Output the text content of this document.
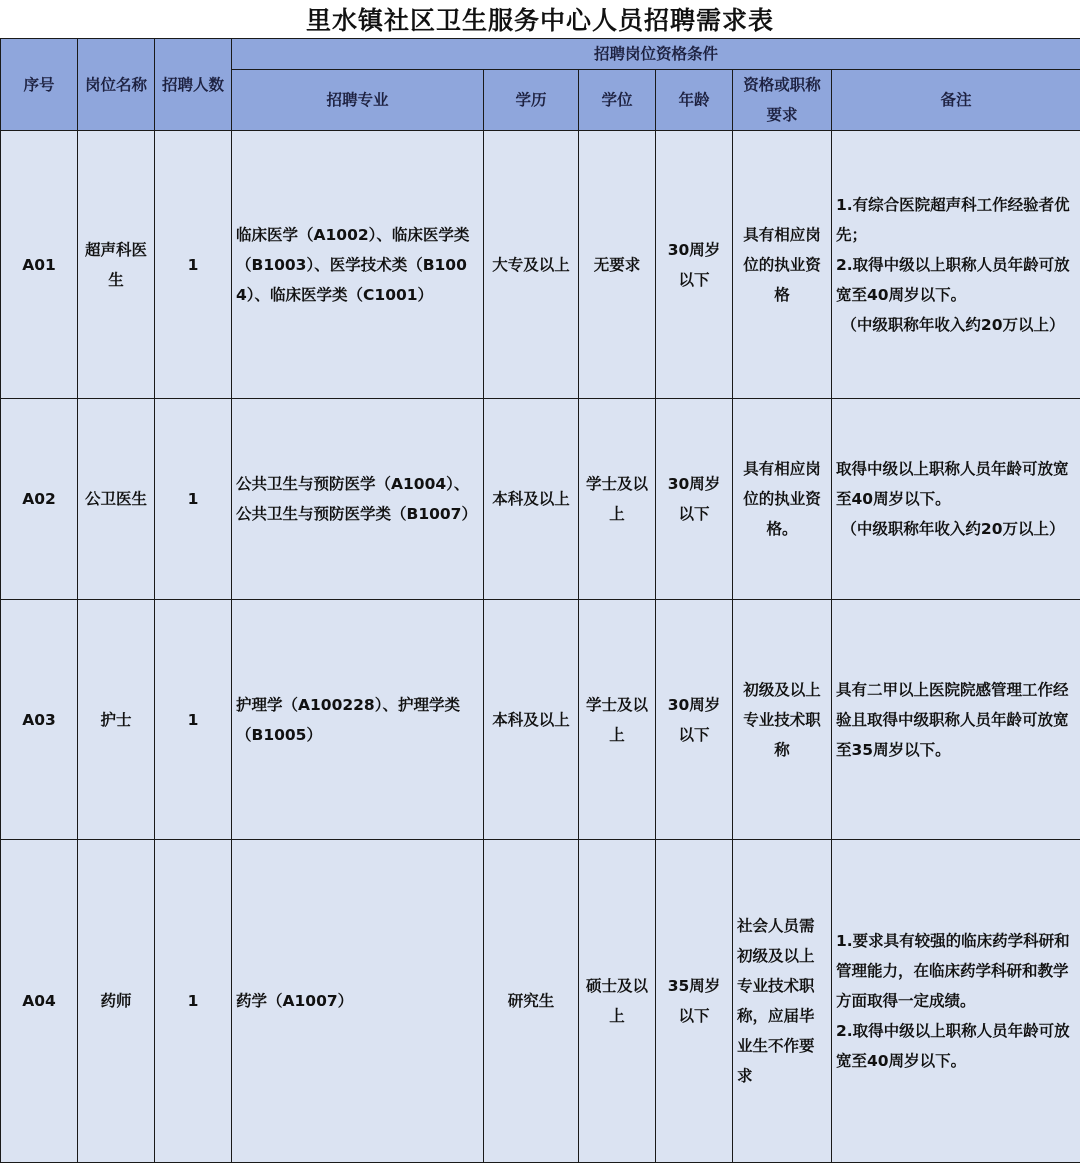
里水镇社区卫生服务中心人员招聘需求表
序号	岗位名称	招聘人数	招聘岗位资格条件					
			招聘专业	学历	学位	年龄	资格或职称要求	备注
A01	超声科医生	1	临床医学（A1002）、临床医学类（B1003）、医学技术类（B1004）、临床医学类（C1001）	大专及以上	无要求	30周岁以下	具有相应岗位的执业资格	1.有综合医院超声科工作经验者优先；
2.取得中级以上职称人员年龄可放宽至40周岁以下。
（中级职称年收入约20万以上）
A02	公卫医生	1	公共卫生与预防医学（A1004）、公共卫生与预防医学类（B1007）	本科及以上	学士及以上	30周岁以下	具有相应岗位的执业资格。	取得中级以上职称人员年龄可放宽至40周岁以下。
（中级职称年收入约20万以上）
A03	护士	1	护理学（A100228）、护理学类（B1005）	本科及以上	学士及以上	30周岁以下	初级及以上专业技术职称	具有二甲以上医院院感管理工作经验且取得中级职称人员年龄可放宽至35周岁以下。
A04	药师	1	药学（A1007）	研究生	硕士及以上	35周岁以下	社会人员需初级及以上专业技术职称，应届毕业生不作要求	1.要求具有较强的临床药学科研和管理能力，在临床药学科研和教学方面取得一定成绩。
2.取得中级以上职称人员年龄可放宽至40周岁以下。
